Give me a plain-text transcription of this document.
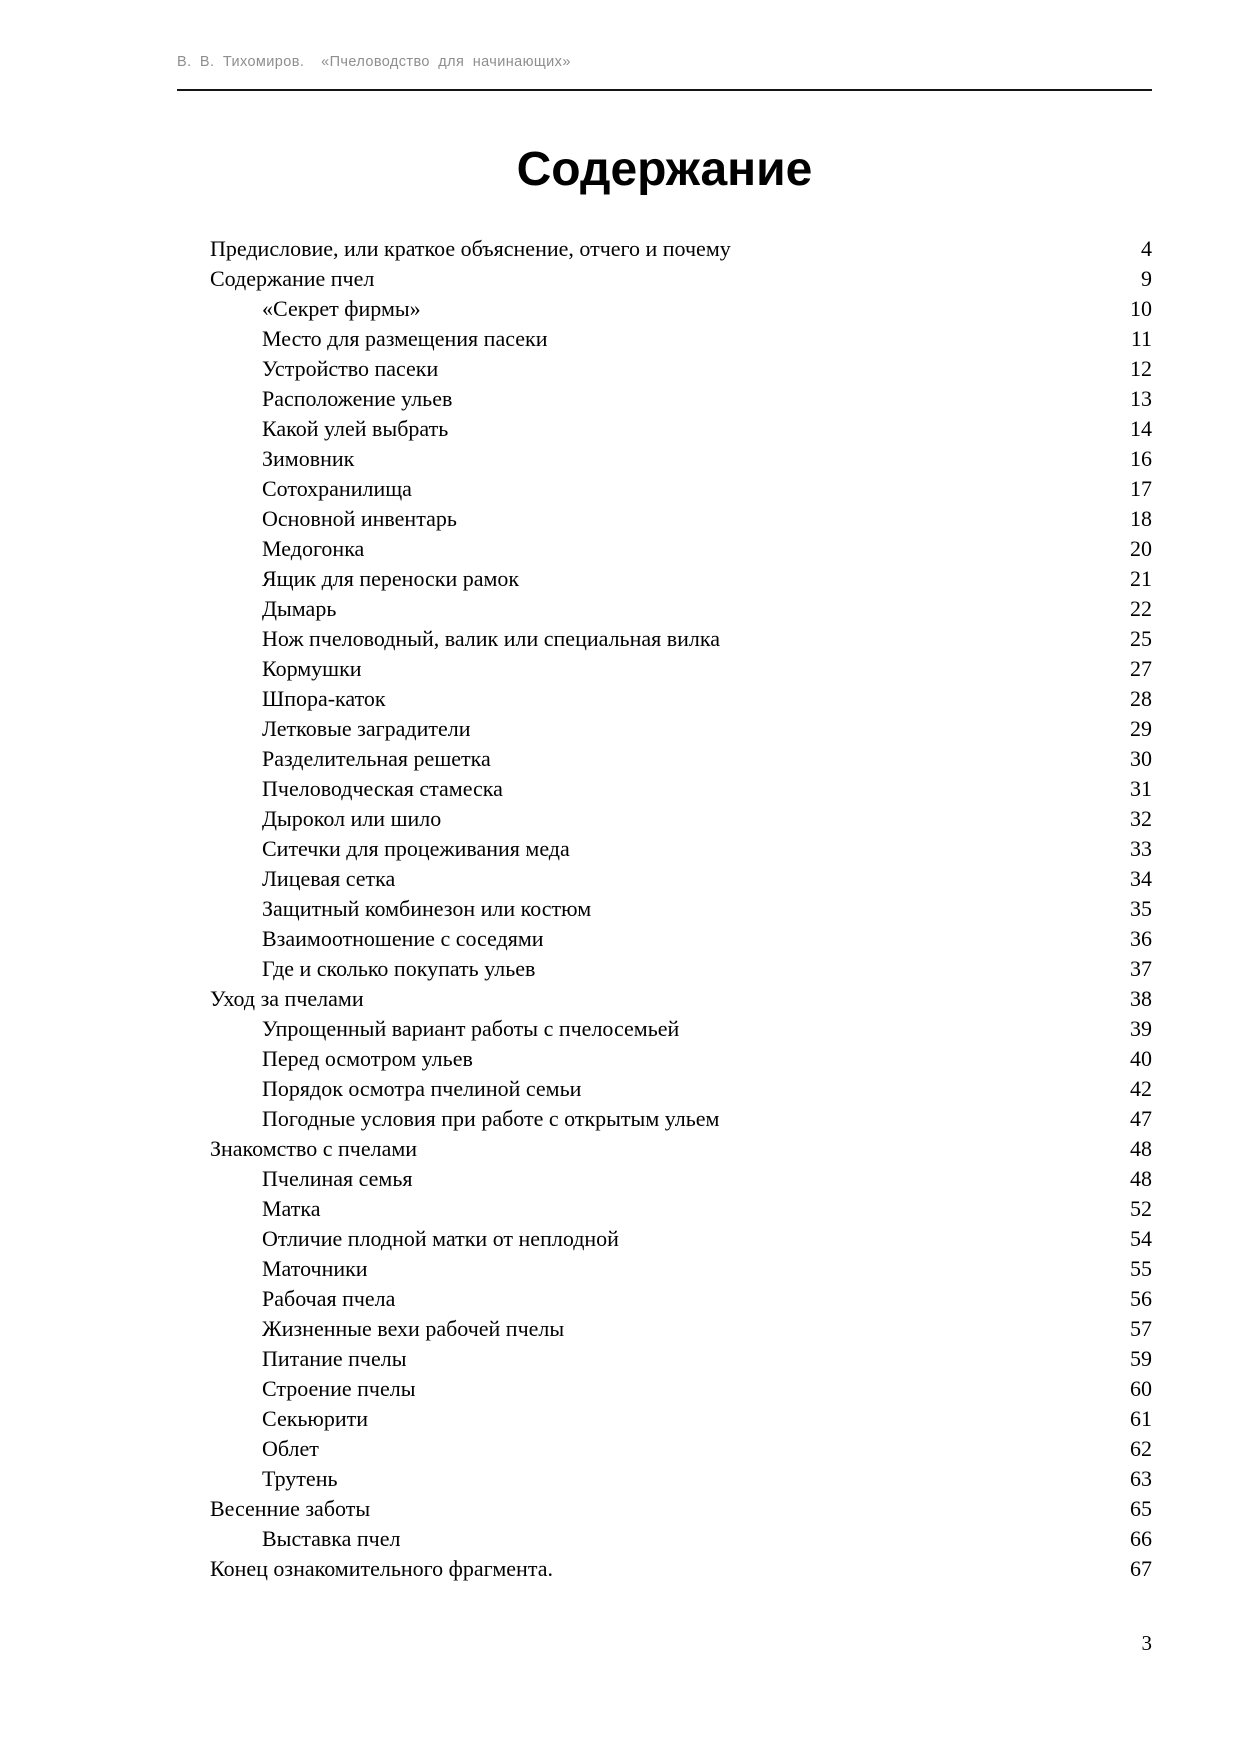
В. В. Тихомиров.  «Пчеловодство для начинающих»
Содержание
Предисловие, или краткое объяснение, отчего и почему	4
Содержание пчел	9
«Секрет фирмы»	10
Место для размещения пасеки	11
Устройство пасеки	12
Расположение ульев	13
Какой улей выбрать	14
Зимовник	16
Сотохранилища	17
Основной инвентарь	18
Медогонка	20
Ящик для переноски рамок	21
Дымарь	22
Нож пчеловодный, валик или специальная вилка	25
Кормушки	27
Шпора-каток	28
Летковые заградители	29
Разделительная решетка	30
Пчеловодческая стамеска	31
Дырокол или шило	32
Ситечки для процеживания меда	33
Лицевая сетка	34
Защитный комбинезон или костюм	35
Взаимоотношение с соседями	36
Где и сколько покупать ульев	37
Уход за пчелами	38
Упрощенный вариант работы с пчелосемьей	39
Перед осмотром ульев	40
Порядок осмотра пчелиной семьи	42
Погодные условия при работе с открытым ульем	47
Знакомство с пчелами	48
Пчелиная семья	48
Матка	52
Отличие плодной матки от неплодной	54
Маточники	55
Рабочая пчела	56
Жизненные вехи рабочей пчелы	57
Питание пчелы	59
Строение пчелы	60
Секьюрити	61
Облет	62
Трутень	63
Весенние заботы	65
Выставка пчел	66
Конец ознакомительного фрагмента.	67
3
